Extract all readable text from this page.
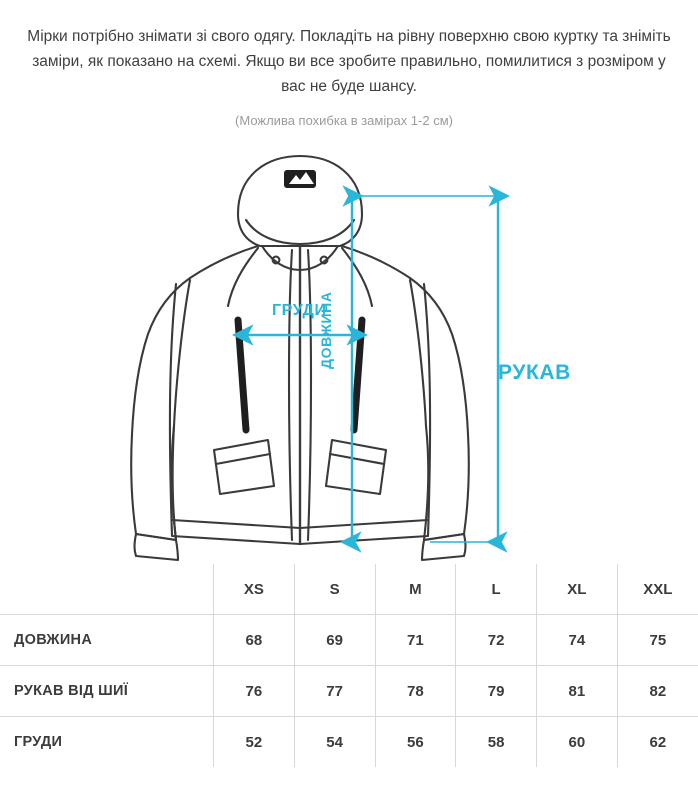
Мірки потрібно знімати зі свого одягу. Покладіть на рівну поверхню свою куртку та зніміть заміри, як показано на схемі. Якщо ви все зробите правильно, помилитися з розміром у вас не буде шансу.
(Можлива похибка в замірах 1-2 см)
ГРУДИ
ДОВЖИНА
РУКАВ
	XS	S	M	L	XL	XXL
ДОВЖИНА	68	69	71	72	74	75
РУКАВ ВІД ШИЇ	76	77	78	79	81	82
ГРУДИ	52	54	56	58	60	62
